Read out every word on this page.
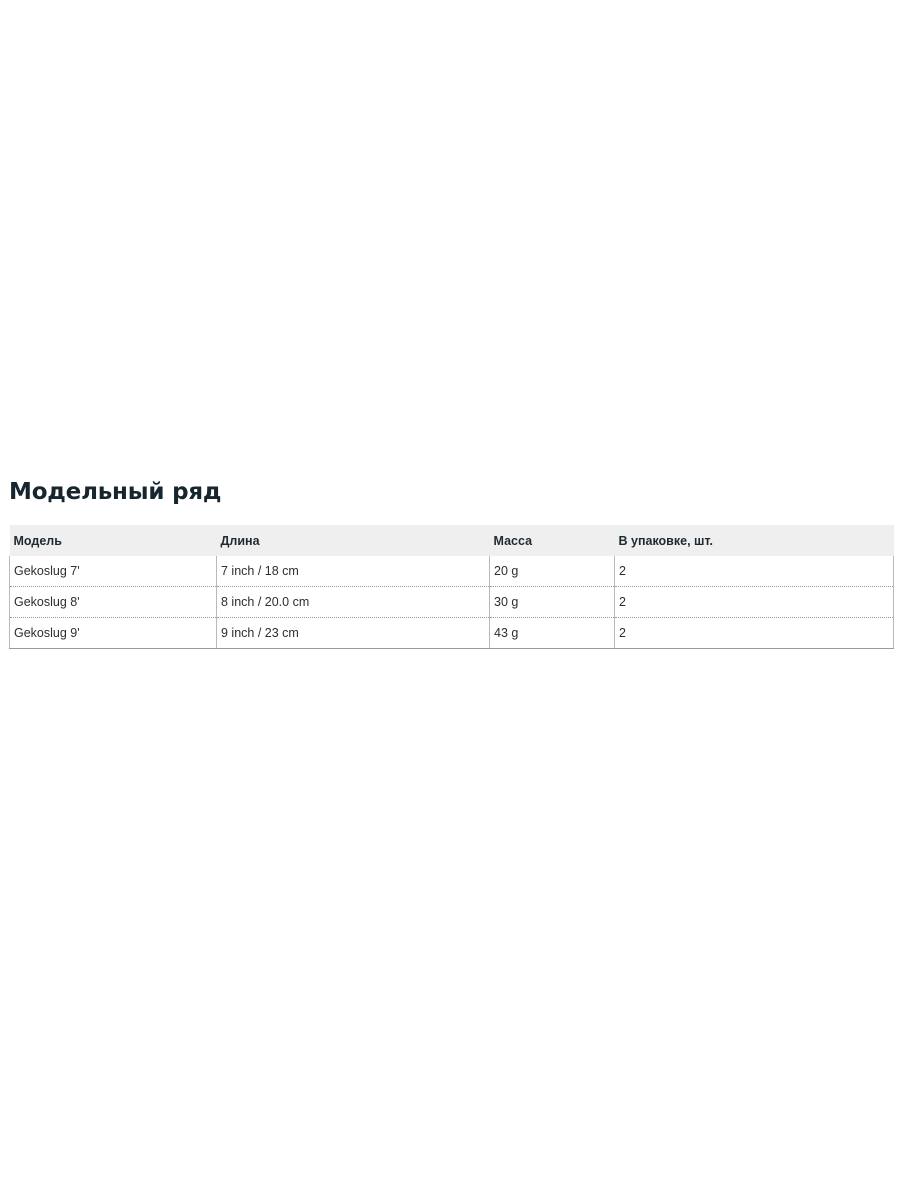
Модельный ряд
Модель	Длина	Масса	В упаковке, шт.
Gekoslug 7'	7 inch / 18 cm	20 g	2
Gekoslug 8'	8 inch / 20.0 cm	30 g	2
Gekoslug 9'	9 inch / 23 cm	43 g	2
